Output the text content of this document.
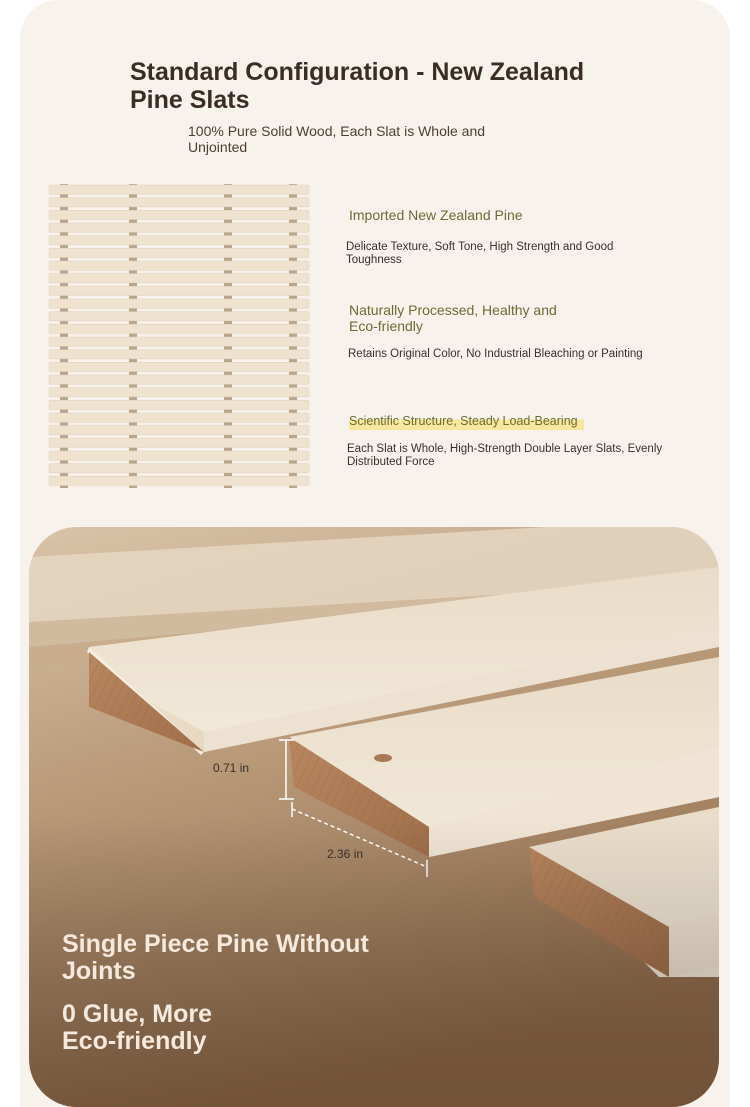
Standard Configuration - New Zealand Pine Slats
100% Pure Solid Wood, Each Slat is Whole and Unjointed
Imported New Zealand Pine
Delicate Texture, Soft Tone, High Strength and Good Toughness
Naturally Processed, Healthy and Eco-friendly
Retains Original Color, No Industrial Bleaching or Painting
Scientific Structure, Steady Load-Bearing
Each Slat is Whole, High-Strength Double Layer Slats, Evenly Distributed Force
0.71 in
2.36 in
Single Piece Pine Without Joints
0 Glue, More Eco-friendly
